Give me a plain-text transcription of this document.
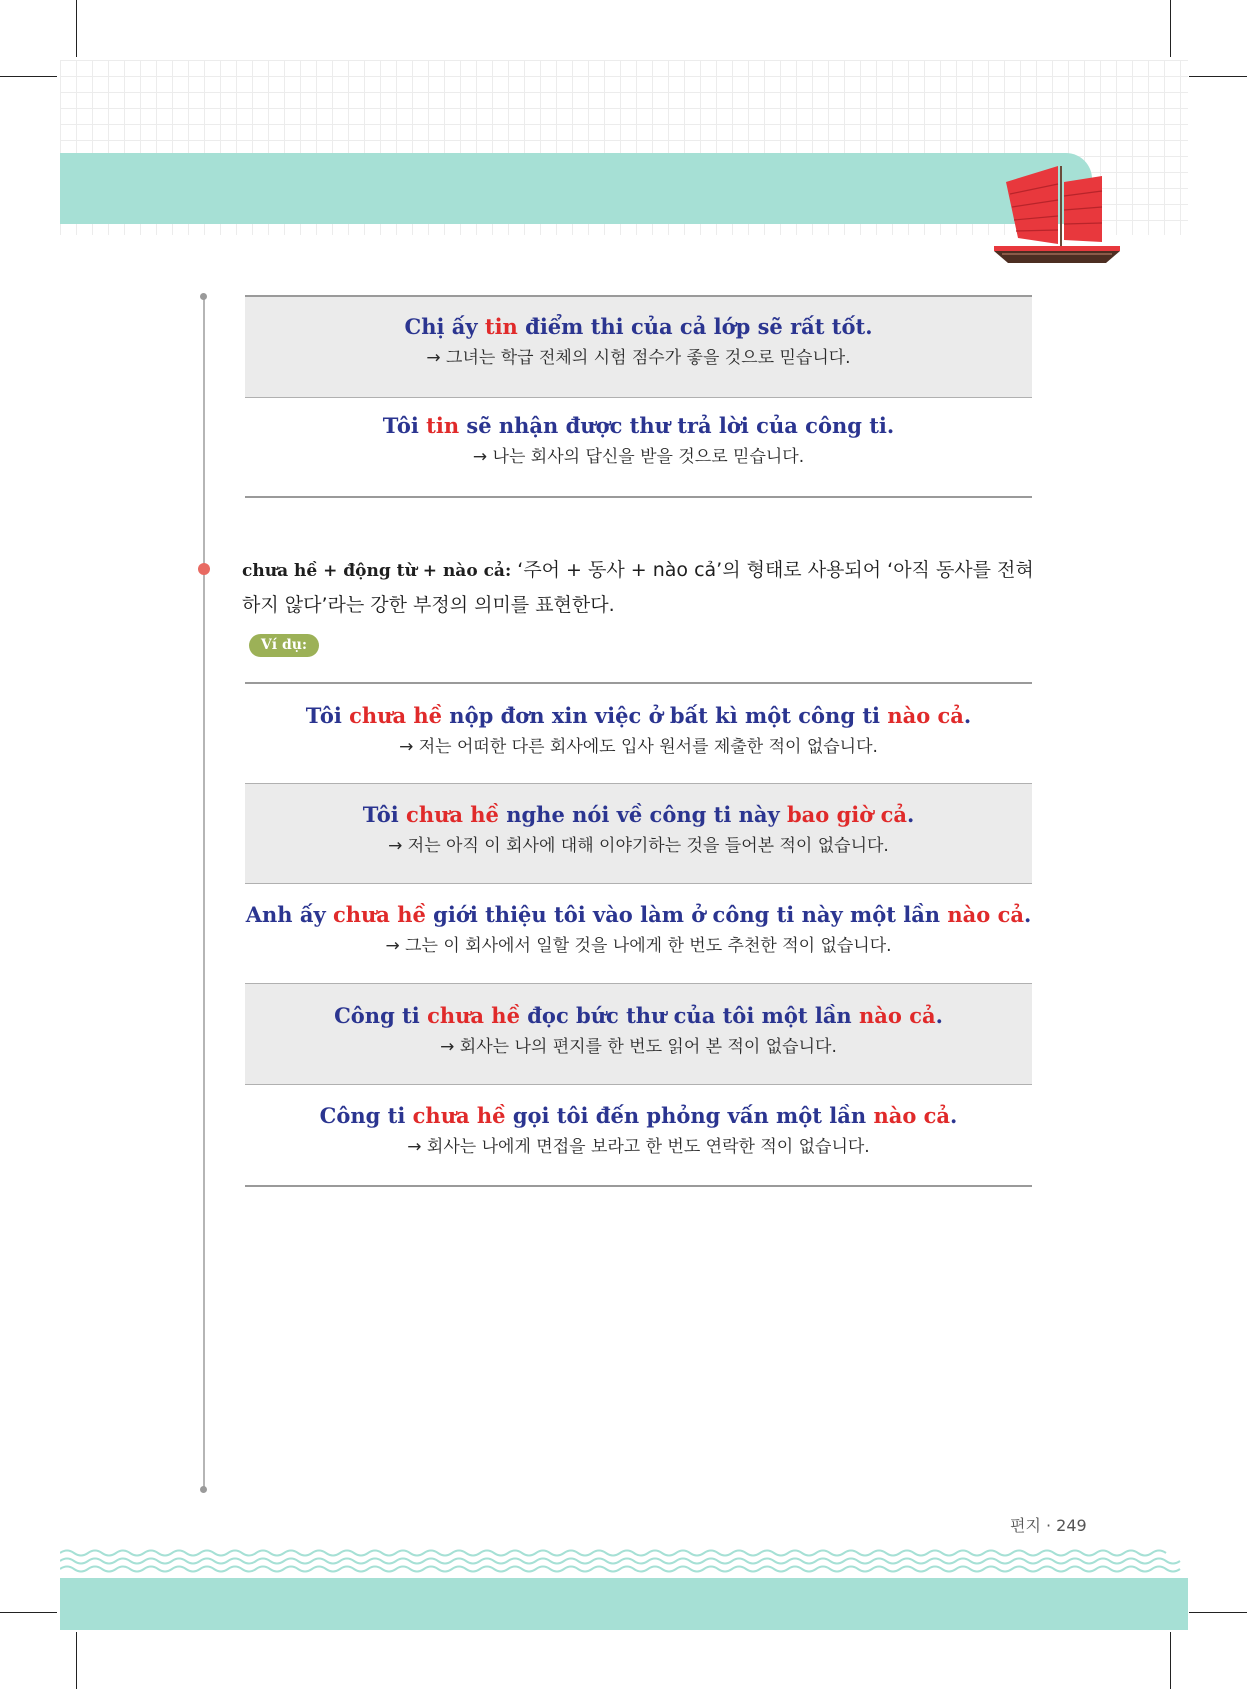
Chị ấy tin điểm thi của cả lớp sẽ rất tốt.
→ 그녀는 학급 전체의 시험 점수가 좋을 것으로 믿습니다.
Tôi tin sẽ nhận được thư trả lời của công ti.
→ 나는 회사의 답신을 받을 것으로 믿습니다.
chưa hề + động từ + nào cả: ‘주어 + 동사 + nào cả’의 형태로 사용되어 ‘아직 동사를 전혀 하지 않다’라는 강한 부정의 의미를 표현한다.
Ví dụ:
Tôi chưa hề nộp đơn xin việc ở bất kì một công ti nào cả.
→ 저는 어떠한 다른 회사에도 입사 원서를 제출한 적이 없습니다.
Tôi chưa hề nghe nói về công ti này bao giờ cả.
→ 저는 아직 이 회사에 대해 이야기하는 것을 들어본 적이 없습니다.
Anh ấy chưa hề giới thiệu tôi vào làm ở công ti này một lần nào cả.
→ 그는 이 회사에서 일할 것을 나에게 한 번도 추천한 적이 없습니다.
Công ti chưa hề đọc bức thư của tôi một lần nào cả.
→ 회사는 나의 편지를 한 번도 읽어 본 적이 없습니다.
Công ti chưa hề gọi tôi đến phỏng vấn một lần nào cả.
→ 회사는 나에게 면접을 보라고 한 번도 연락한 적이 없습니다.
편지 · 249
